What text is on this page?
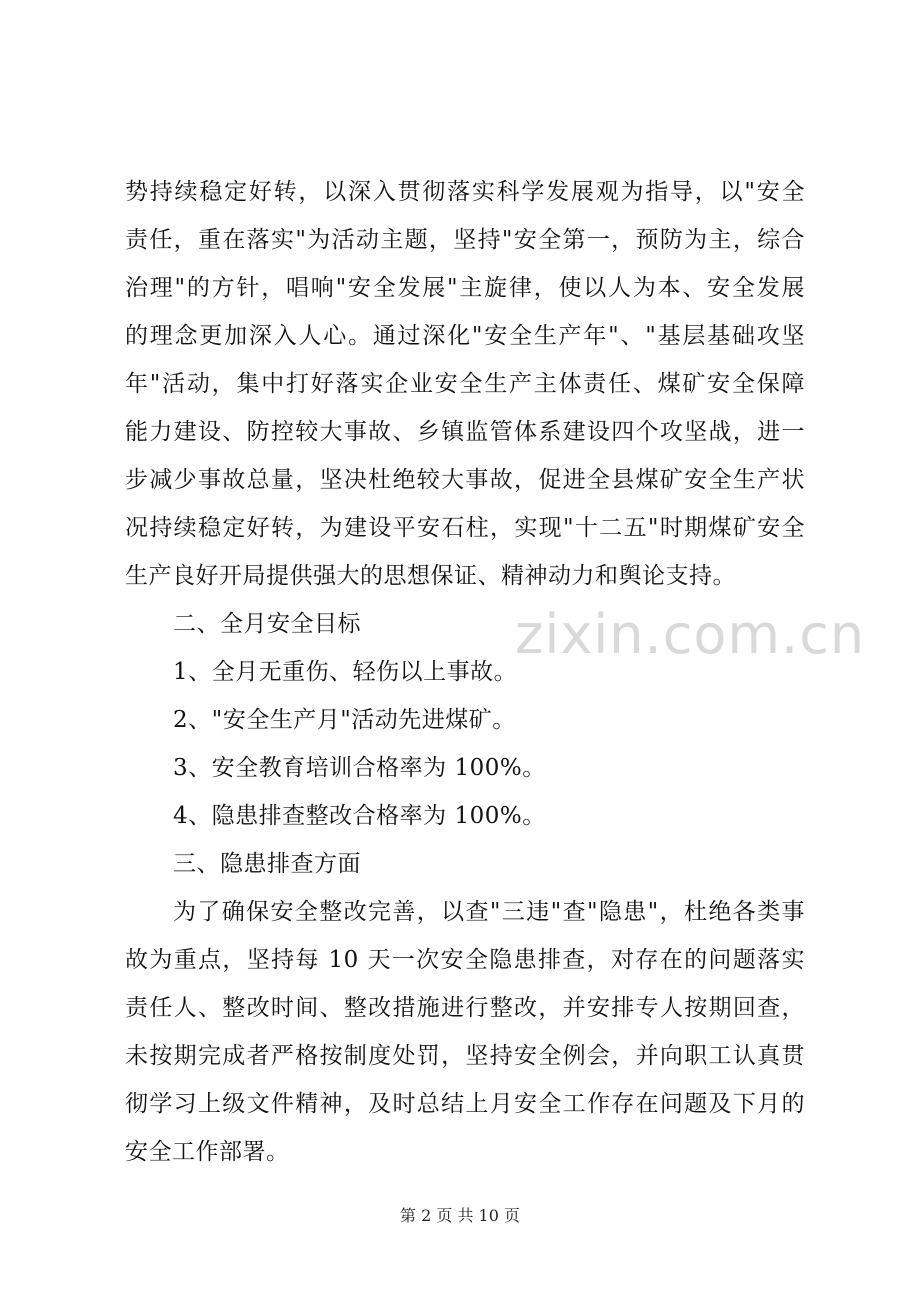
势持续稳定好转，以深入贯彻落实科学发展观为指导，以"安全
责任，重在落实"为活动主题，坚持"安全第一，预防为主，综合
治理"的方针，唱响"安全发展"主旋律，使以人为本、安全发展
的理念更加深入人心。通过深化"安全生产年"、"基层基础攻坚
年"活动，集中打好落实企业安全生产主体责任、煤矿安全保障
能力建设、防控较大事故、乡镇监管体系建设四个攻坚战，进一
步减少事故总量，坚决杜绝较大事故，促进全县煤矿安全生产状
况持续稳定好转，为建设平安石柱，实现"十二五"时期煤矿安全
生产良好开局提供强大的思想保证、精神动力和舆论支持。
二、全月安全目标
1、全月无重伤、轻伤以上事故。
2、"安全生产月"活动先进煤矿。
3、安全教育培训合格率为 100%。
4、隐患排查整改合格率为 100%。
三、隐患排查方面
为了确保安全整改完善，以查"三违"查"隐患"，杜绝各类事
故为重点，坚持每 10 天一次安全隐患排查，对存在的问题落实
责任人、整改时间、整改措施进行整改，并安排专人按期回查，
未按期完成者严格按制度处罚，坚持安全例会，并向职工认真贯
彻学习上级文件精神，及时总结上月安全工作存在问题及下月的
安全工作部署。
zixin.com.cn
第 2 页 共 10 页
